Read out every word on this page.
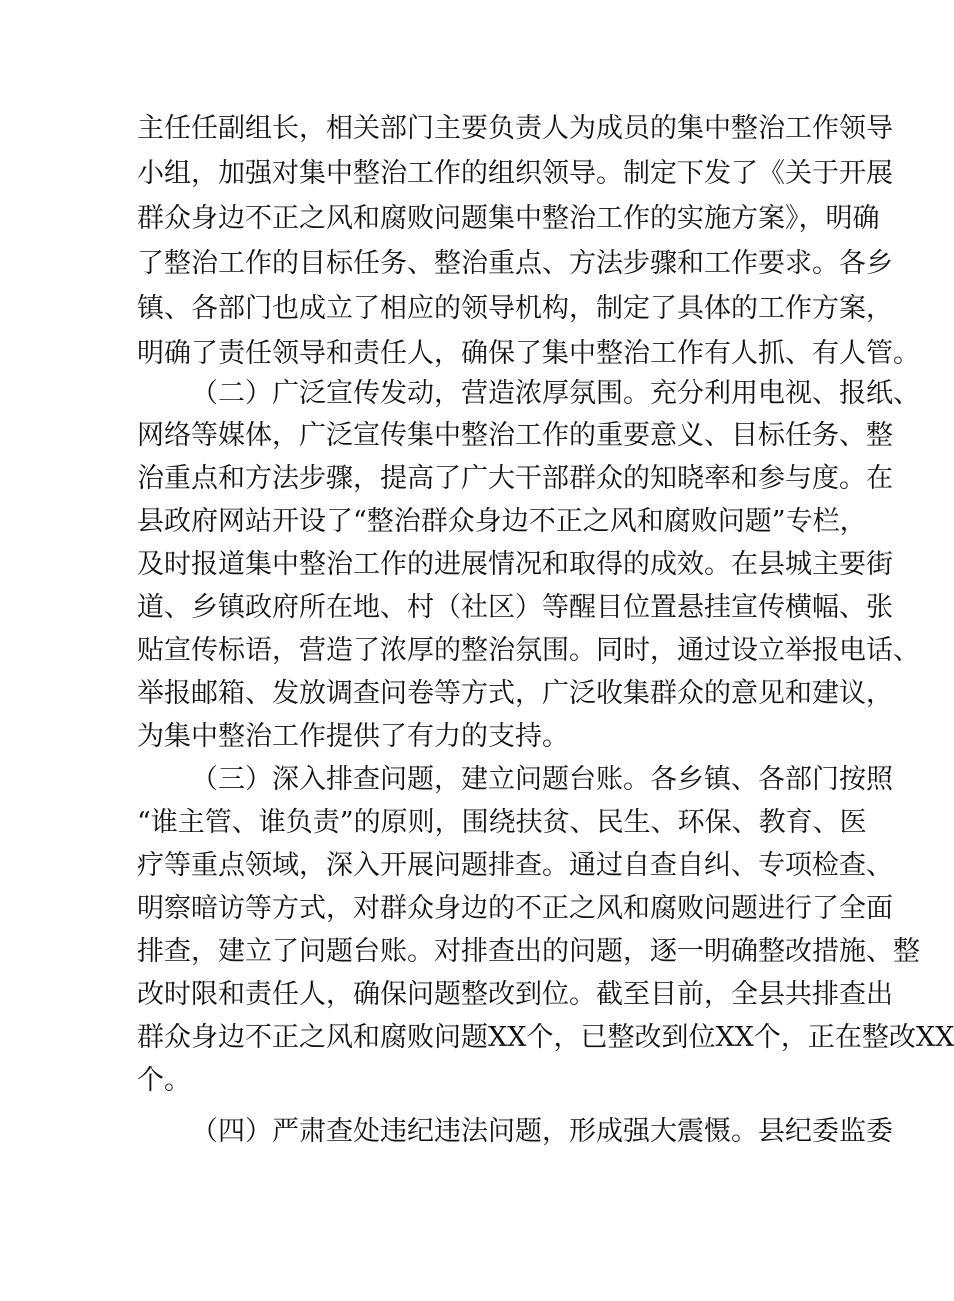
主任任副组长，相关部门主要负责人为成员的集中整治工作领导
小组，加强对集中整治工作的组织领导。制定下发了《关于开展
群众身边不正之风和腐败问题集中整治工作的实施方案》，明确
了整治工作的目标任务、整治重点、方法步骤和工作要求。各乡
镇、各部门也成立了相应的领导机构，制定了具体的工作方案，
明确了责任领导和责任人，确保了集中整治工作有人抓、有人管。
（二）广泛宣传发动，营造浓厚氛围。充分利用电视、报纸、
网络等媒体，广泛宣传集中整治工作的重要意义、目标任务、整
治重点和方法步骤，提高了广大干部群众的知晓率和参与度。在
县政府网站开设了“整治群众身边不正之风和腐败问题”专栏，
及时报道集中整治工作的进展情况和取得的成效。在县城主要街
道、乡镇政府所在地、村（社区）等醒目位置悬挂宣传横幅、张
贴宣传标语，营造了浓厚的整治氛围。同时，通过设立举报电话、
举报邮箱、发放调查问卷等方式，广泛收集群众的意见和建议，
为集中整治工作提供了有力的支持。
（三）深入排查问题，建立问题台账。各乡镇、各部门按照
“谁主管、谁负责”的原则，围绕扶贫、民生、环保、教育、医
疗等重点领域，深入开展问题排查。通过自查自纠、专项检查、
明察暗访等方式，对群众身边的不正之风和腐败问题进行了全面
排查，建立了问题台账。对排查出的问题，逐一明确整改措施、整
改时限和责任人，确保问题整改到位。截至目前，全县共排查出
群众身边不正之风和腐败问题XX个，已整改到位XX个，正在整改XX
个。
（四）严肃查处违纪违法问题，形成强大震慑。县纪委监委
